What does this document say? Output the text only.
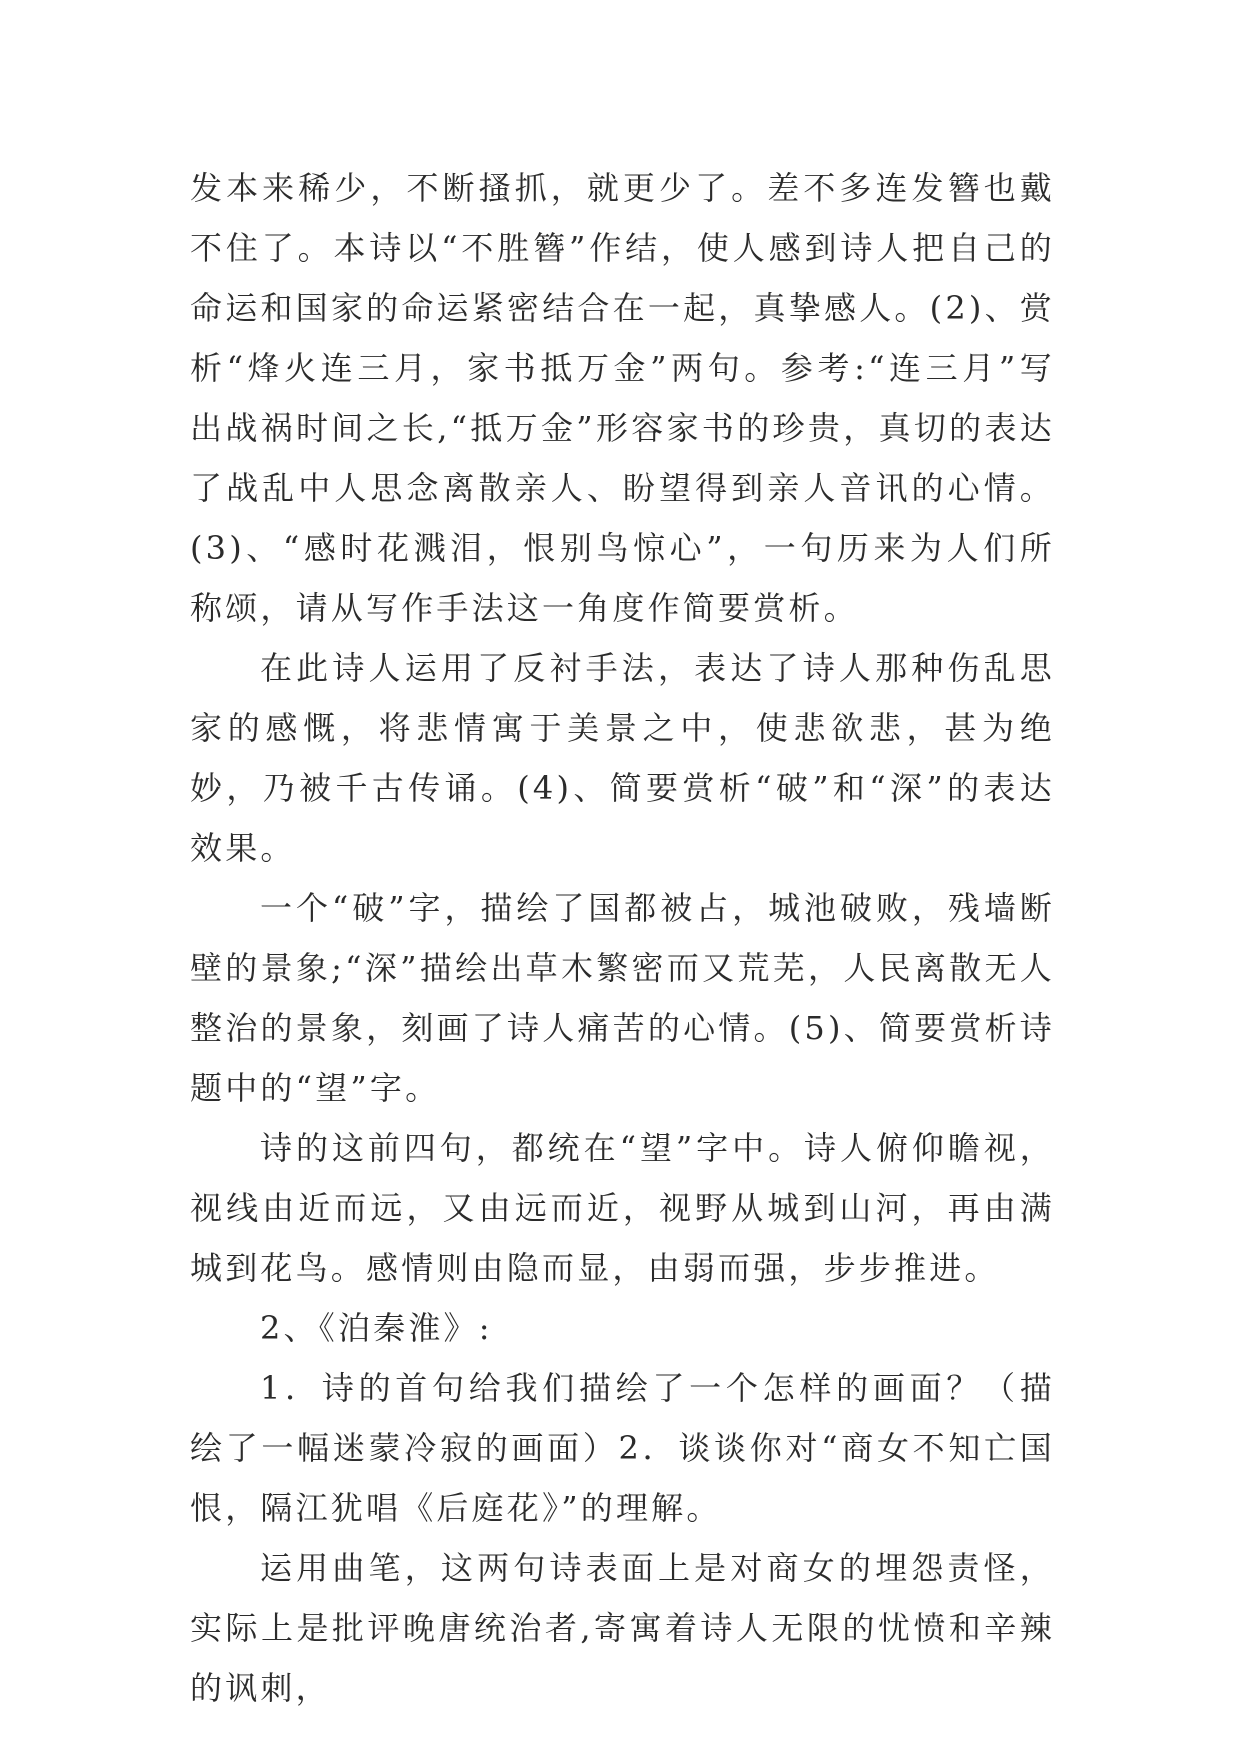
发本来稀少，不断搔抓，就更少了。差不多连发簪也戴不住了。本诗以“不胜簪”作结，使人感到诗人把自己的命运和国家的命运紧密结合在一起，真挚感人。(2)、赏析“烽火连三月，家书抵万金”两句。参考:“连三月”写出战祸时间之长,“抵万金”形容家书的珍贵，真切的表达了战乱中人思念离散亲人、盼望得到亲人音讯的心情。(3)、“感时花溅泪，恨别鸟惊心”，一句历来为人们所称颂，请从写作手法这一角度作简要赏析。

在此诗人运用了反衬手法，表达了诗人那种伤乱思家的感慨，将悲情寓于美景之中，使悲欲悲，甚为绝妙，乃被千古传诵。(4)、简要赏析“破”和“深”的表达效果。

一个“破”字，描绘了国都被占，城池破败，残墙断壁的景象;“深”描绘出草木繁密而又荒芜，人民离散无人整治的景象，刻画了诗人痛苦的心情。(5)、简要赏析诗题中的“望”字。

诗的这前四句，都统在“望”字中。诗人俯仰瞻视，视线由近而远，又由远而近，视野从城到山河，再由满城到花鸟。感情则由隐而显，由弱而强，步步推进。

2、《泊秦淮》:

1．诗的首句给我们描绘了一个怎样的画面？（描绘了一幅迷蒙冷寂的画面）2．谈谈你对“商女不知亡国恨，隔江犹唱《后庭花》”的理解。

运用曲笔，这两句诗表面上是对商女的埋怨责怪，实际上是批评晚唐统治者,寄寓着诗人无限的忧愤和辛辣的讽刺，
